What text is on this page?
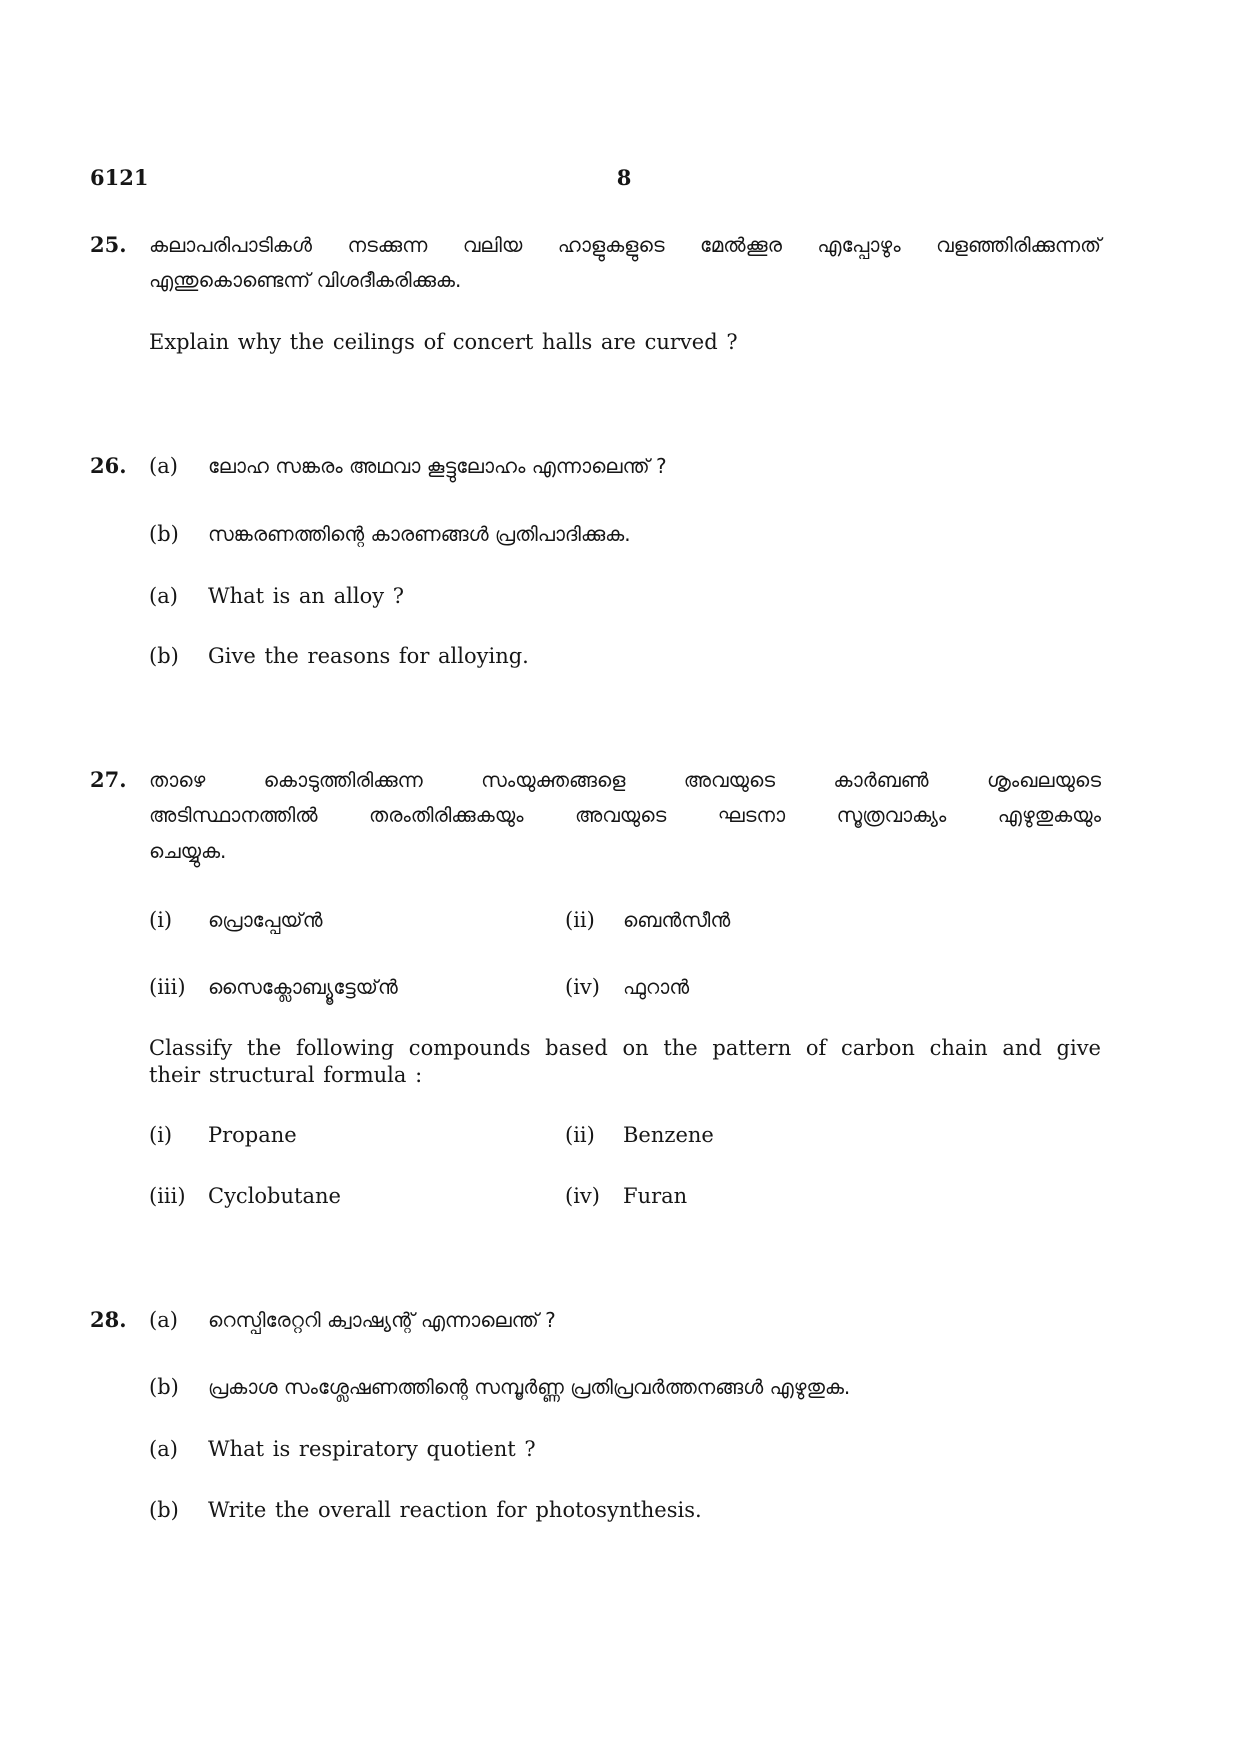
6121	8
25. കലാപരിപാടികൾ നടക്കുന്ന വലിയ ഹാളുകളുടെ മേൽക്കൂര എപ്പോഴും വളഞ്ഞിരിക്കുന്നത്
എന്തുകൊണ്ടെന്ന് വിശദീകരിക്കുക.
Explain why the ceilings of concert halls are curved ?
26. (a) ലോഹ സങ്കരം അഥവാ കൂട്ടുലോഹം എന്നാലെന്ത് ?
(b) സങ്കരണത്തിന്റെ കാരണങ്ങൾ പ്രതിപാദിക്കുക.
(a) What is an alloy ?
(b) Give the reasons for alloying.
27. താഴെ കൊടുത്തിരിക്കുന്ന സംയുക്തങ്ങളെ അവയുടെ കാർബൺ ശൃംഖലയുടെ
അടിസ്ഥാനത്തിൽ തരംതിരിക്കുകയും അവയുടെ ഘടനാ സൂത്രവാക്യം എഴുതുകയും
ചെയ്യുക.
(i) പ്രൊപ്പേയ്ൻ	(ii) ബെൻസീൻ
(iii) സൈക്ലോബ്യൂട്ടേയ്ൻ	(iv) ഫുറാൻ
Classify the following compounds based on the pattern of carbon chain and give
their structural formula :
(i) Propane	(ii) Benzene
(iii) Cyclobutane	(iv) Furan
28. (a) റെസ്പിരേറ്ററി ക്വാഷ്യന്റ് എന്നാലെന്ത് ?
(b) പ്രകാശ സംശ്ലേഷണത്തിന്റെ സമ്പൂർണ്ണ പ്രതിപ്രവർത്തനങ്ങൾ എഴുതുക.
(a) What is respiratory quotient ?
(b) Write the overall reaction for photosynthesis.
